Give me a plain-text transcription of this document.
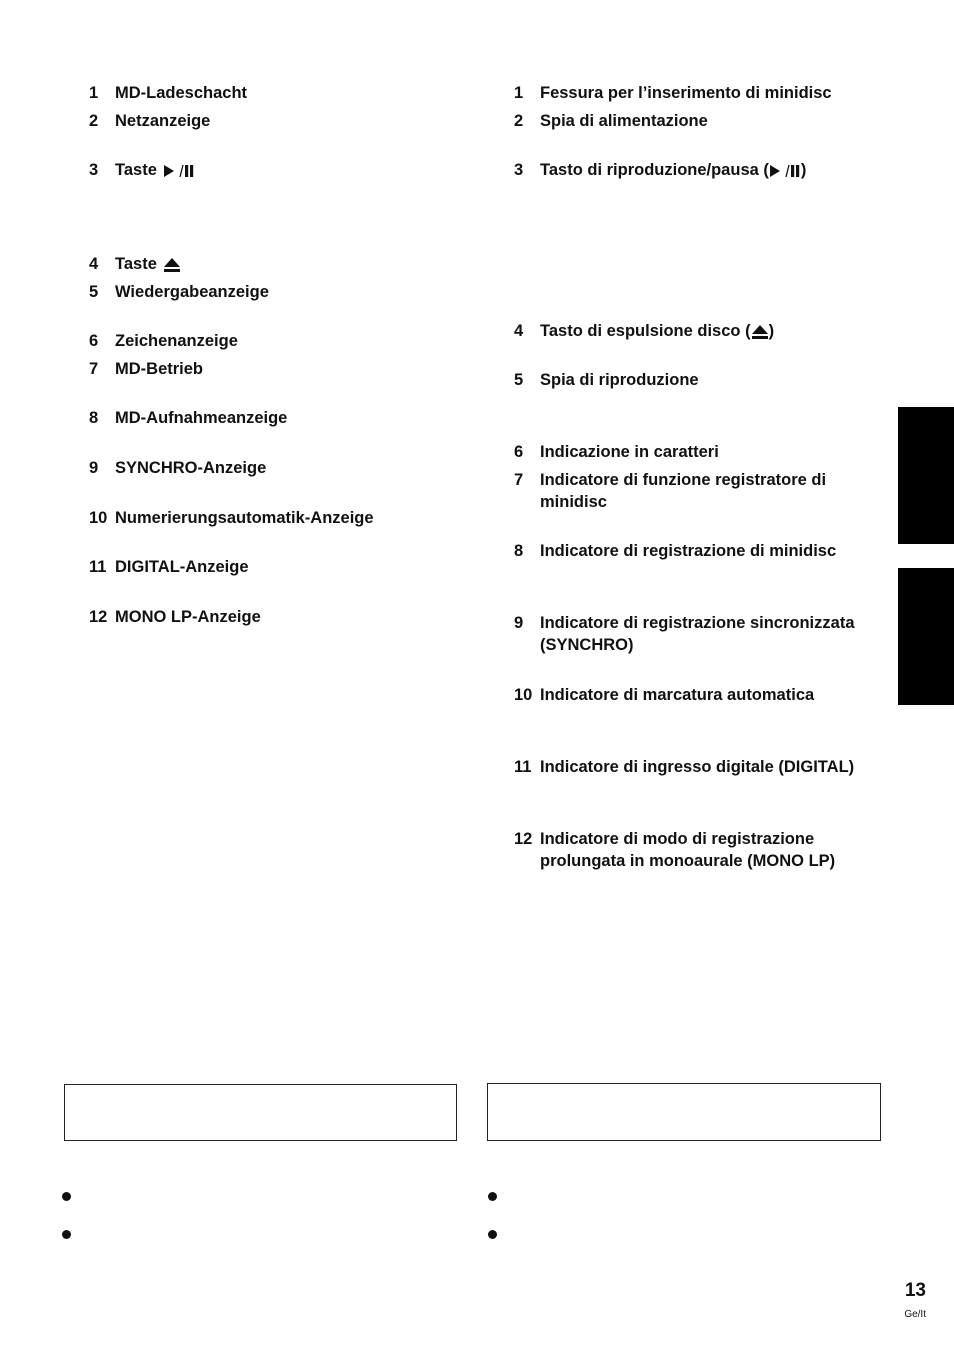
1 MD-Ladeschacht
2 Netzanzeige
3 Taste
4 Taste
5 Wiedergabeanzeige
6 Zeichenanzeige
7 MD-Betrieb
8 MD-Aufnahmeanzeige
9 SYNCHRO-Anzeige
10 Numerierungsautomatik-Anzeige
11 DIGITAL-Anzeige
12 MONO LP-Anzeige
1 Fessura per l’inserimento di minidisc
2 Spia di alimentazione
3 Tasto di riproduzione/pausa ( )
4 Tasto di espulsione disco ( )
5 Spia di riproduzione
6 Indicazione in caratteri
7 Indicatore di funzione registratore di minidisc
8 Indicatore di registrazione di minidisc
9 Indicatore di registrazione sincronizzata (SYNCHRO)
10 Indicatore di marcatura automatica
11 Indicatore di ingresso digitale (DIGITAL)
12 Indicatore di modo di registrazione prolungata in monoaurale (MONO LP)
13
Ge/It
